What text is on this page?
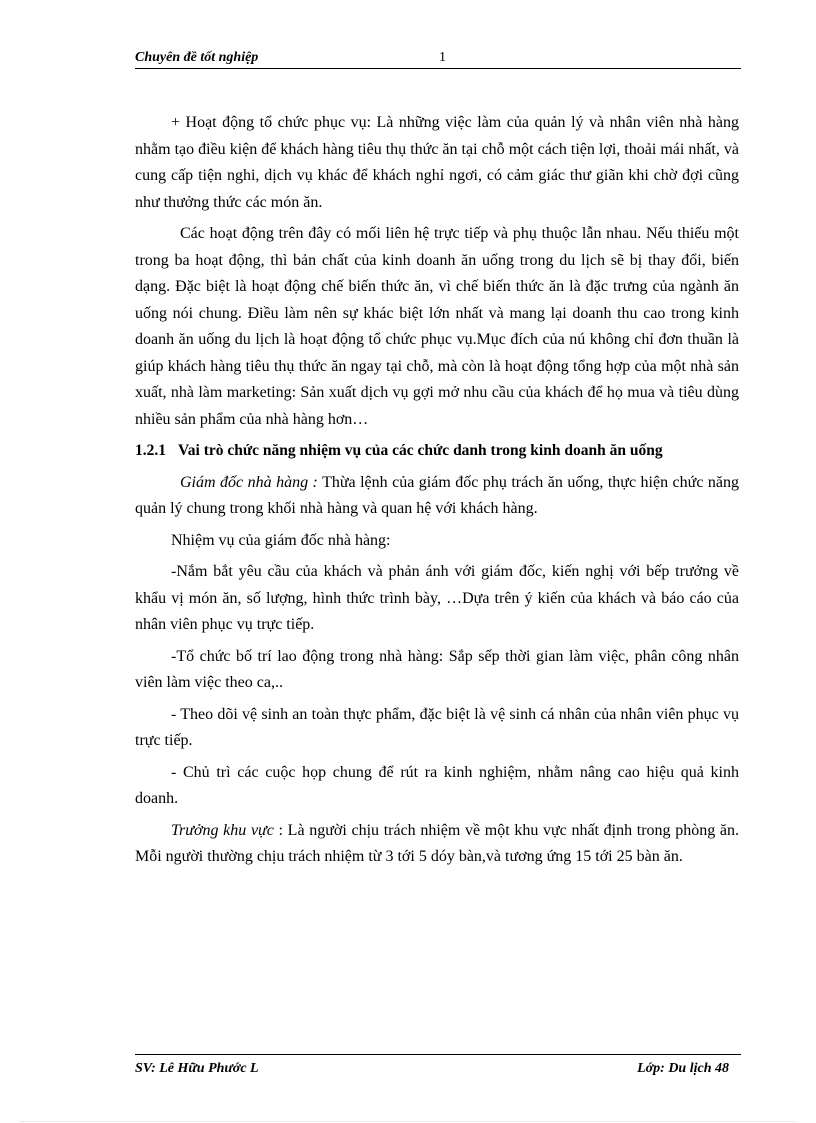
Chuyên đề tốt nghiệp	1

+ Hoạt động tổ chức phục vụ: Là những việc làm của quản lý và nhân viên nhà hàng nhằm tạo điều kiện để khách hàng tiêu thụ thức ăn tại chỗ một cách tiện lợi, thoải mái nhất, và cung cấp tiện nghi, dịch vụ khác để khách nghỉ ngơi, có cảm giác thư giãn khi chờ đợi cũng như thưởng thức các món ăn.

Các hoạt động trên đây có mối liên hệ trực tiếp và phụ thuộc lẫn nhau. Nếu thiếu một trong ba hoạt động, thì bản chất của kinh doanh ăn uống trong du lịch sẽ bị thay đổi, biến dạng. Đặc biệt là hoạt động chế biến thức ăn, vì chế biến thức ăn là đặc trưng của ngành ăn uống nói chung. Điều làm nên sự khác biệt lớn nhất và mang lại doanh thu cao trong kinh doanh ăn uống du lịch là hoạt động tổ chức phục vụ.Mục đích của nú không chỉ đơn thuần là giúp khách hàng tiêu thụ thức ăn ngay tại chỗ, mà còn là hoạt động tổng hợp của một nhà sản xuất, nhà làm marketing: Sản xuất dịch vụ gợi mở nhu cầu của khách để họ mua và tiêu dùng nhiều sản phẩm của nhà hàng hơn…

1.2.1 Vai trò chức năng nhiệm vụ của các chức danh trong kinh doanh ăn uống

Giám đốc nhà hàng : Thừa lệnh của giám đốc phụ trách ăn uống, thực hiện chức năng quản lý chung trong khối nhà hàng và quan hệ với khách hàng.

Nhiệm vụ của giám đốc nhà hàng:

-Nắm bắt yêu cầu của khách và phản ánh với giám đốc, kiến nghị với bếp trưởng về khẩu vị món ăn, số lượng, hình thức trình bày, …Dựa trên ý kiến của khách và báo cáo của nhân viên phục vụ trực tiếp.

-Tổ chức bố trí lao động trong nhà hàng: Sắp sếp thời gian làm việc, phân công nhân viên làm việc theo ca,..

- Theo dõi vệ sinh an toàn thực phẩm, đặc biệt là vệ sinh cá nhân của nhân viên phục vụ trực tiếp.

- Chủ trì các cuộc họp chung để rút ra kinh nghiệm, nhằm nâng cao hiệu quả kinh doanh.

Trưởng khu vực : Là người chịu trách nhiệm về một khu vực nhất định trong phòng ăn. Mỗi người thường chịu trách nhiệm từ 3 tới 5 dóy bàn,và tương ứng 15 tới 25 bàn ăn.

SV: Lê Hữu Phước L	Lớp: Du lịch 48
